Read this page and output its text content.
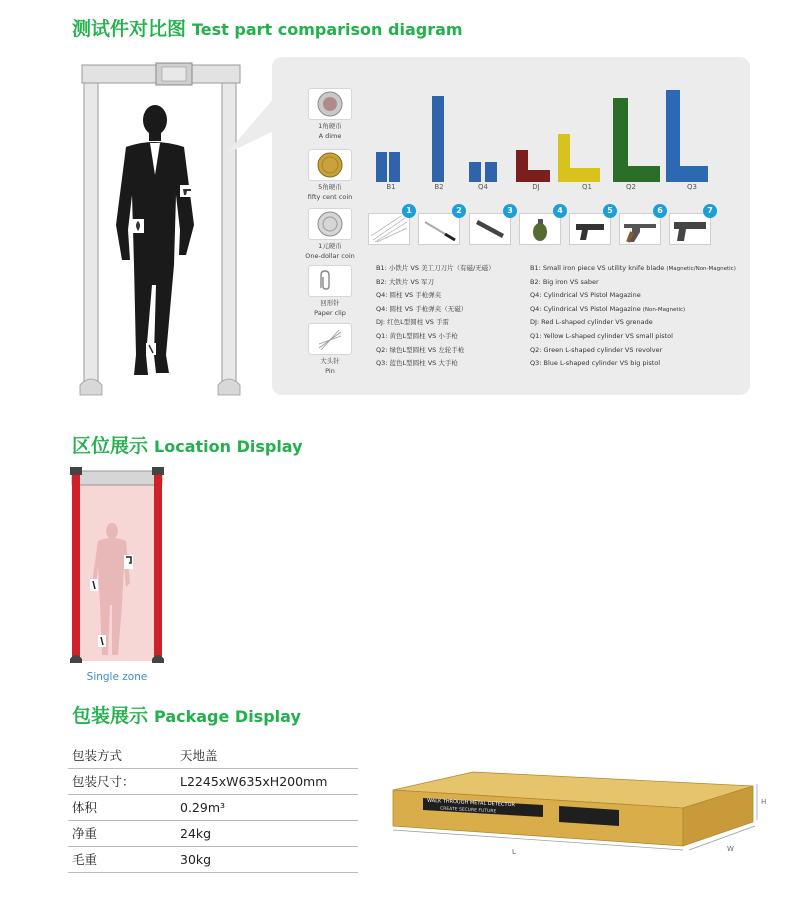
测试件对比图 Test part comparison diagram
1角硬币
A dime
5角硬币
fifty cent coin
1元硬币
One-dollar coin
回形针
Paper clip
大头针
Pin
B1	B2	Q4	DJ	Q1	Q2	Q3
1	2	3	4	5	6	7
B1: 小铁片 VS 美工刀刀片（有磁/无磁）
B2: 大铁片 VS 军刀
Q4: 圆柱 VS 手枪弹夹
Q4: 圆柱 VS 手枪弹夹（无磁）
DJ: 红色L型圆柱 VS 手雷
Q1: 黄色L型圆柱 VS 小手枪
Q2: 绿色L型圆柱 VS 左轮手枪
Q3: 蓝色L型圆柱 VS 大手枪
B1: Small iron piece VS utility knife blade (Magnetic/Non-Magnetic)
B2: Big iron VS saber
Q4: Cylindrical VS Pistol Magazine
Q4: Cylindrical VS Pistol Magazine (Non-Magnetic)
DJ: Red L-shaped cylinder VS grenade
Q1: Yellow L-shaped cylinder VS small pistol
Q2: Green L-shaped cylinder VS revolver
Q3: Blue L-shaped cylinder VS big pistol
区位展示 Location Display
Single zone
包装展示 Package Display
包装方式	天地盖
包装尺寸：	L2245xW635xH200mm
体积	0.29m³
净重	24kg
毛重	30kg
WALK THROUGH METAL DETECTOR
CREATE SECURE FUTURE
L	W
H
